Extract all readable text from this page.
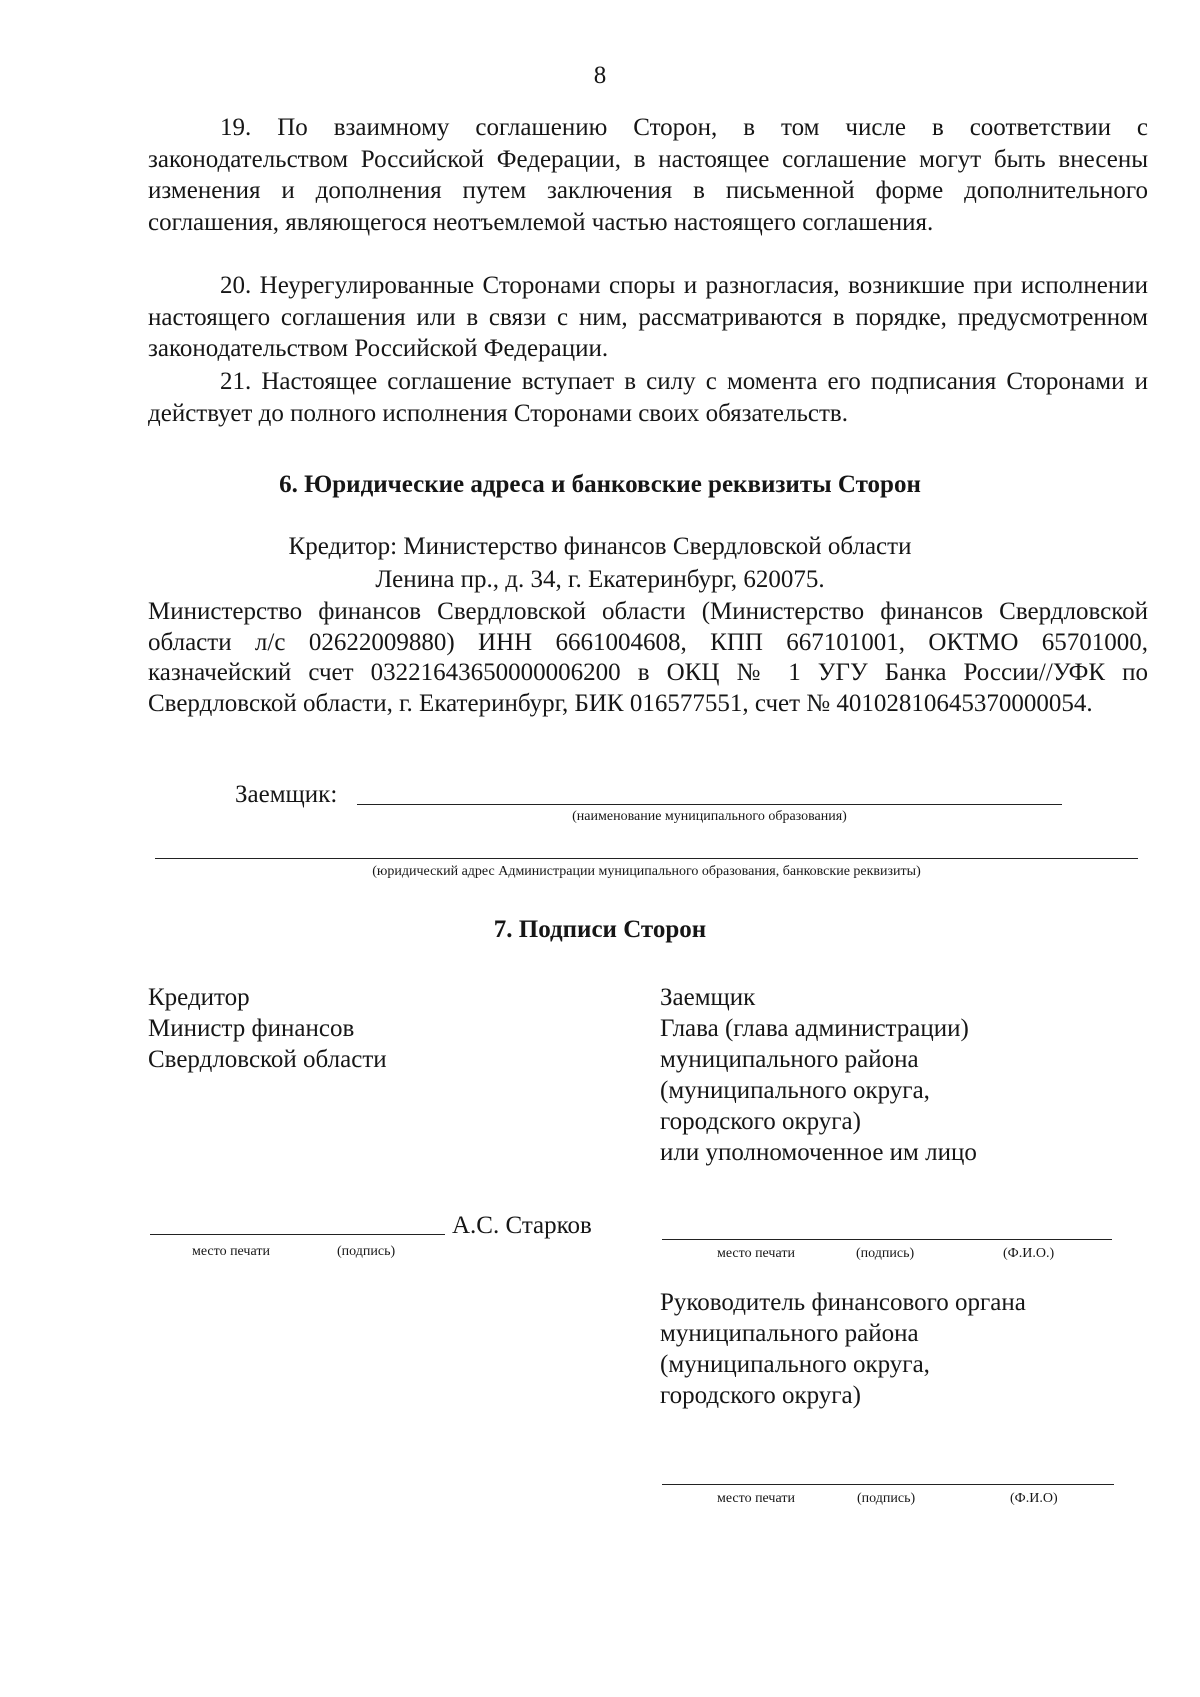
8
19. По взаимному соглашению Сторон, в том числе в соответствии с законодательством Российской Федерации, в настоящее соглашение могут быть внесены изменения и дополнения путем заключения в письменной форме дополнительного соглашения, являющегося неотъемлемой частью настоящего соглашения.
20. Неурегулированные Сторонами споры и разногласия, возникшие при исполнении настоящего соглашения или в связи с ним, рассматриваются в порядке, предусмотренном законодательством Российской Федерации.
21. Настоящее соглашение вступает в силу с момента его подписания Сторонами и действует до полного исполнения Сторонами своих обязательств.
6. Юридические адреса и банковские реквизиты Сторон
Кредитор: Министерство финансов Свердловской области
Ленина пр., д. 34, г. Екатеринбург, 620075.
Министерство финансов Свердловской области (Министерство финансов Свердловской области л/с 02622009880) ИНН 6661004608, КПП 667101001, ОКТМО 65701000, казначейский счет 03221643650000006200 в ОКЦ № 1 УГУ Банка России//УФК по Свердловской области, г. Екатеринбург, БИК 016577551, счет № 40102810645370000054.
Заемщик:
(наименование муниципального образования)
(юридический адрес Администрации муниципального образования, банковские реквизиты)
7. Подписи Сторон
Кредитор
Министр финансов
Свердловской области
А.С. Старков
место печати	(подпись)
Заемщик
Глава (глава администрации)
муниципального района
(муниципального округа,
городского округа)
или уполномоченное им лицо
место печати	(подпись)	(Ф.И.О.)
Руководитель финансового органа
муниципального района
(муниципального округа,
городского округа)
место печати	(подпись)	(Ф.И.О)
